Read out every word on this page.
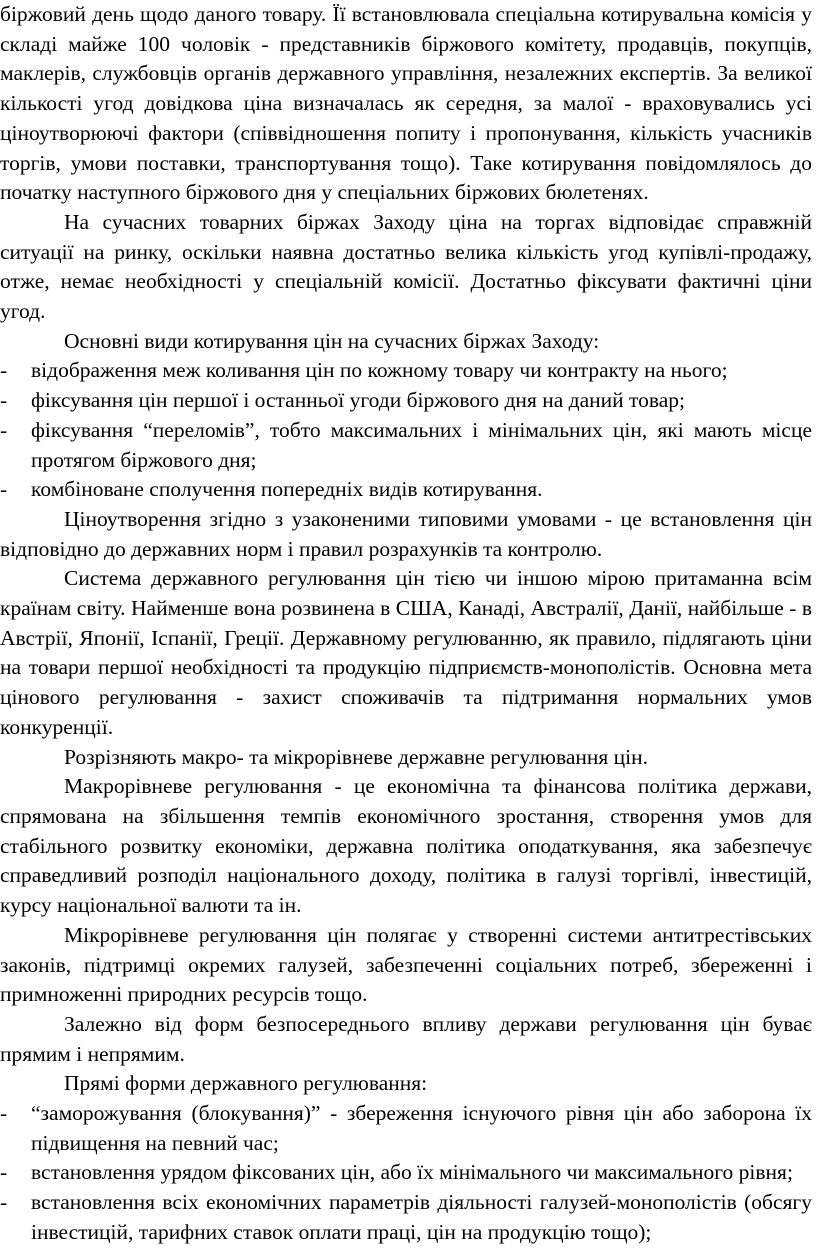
біржовий день щодо даного товару. Її встановлювала спеціальна котирувальна комісія у складі майже 100 чоловік - представників біржового комітету, продавців, покупців, маклерів, службовців органів державного управління, незалежних експертів. За великої кількості угод довідкова ціна визначалась як середня, за малої - враховувались усі ціноутворюючі фактори (співвідношення попиту і пропонування, кількість учасників торгів, умови поставки, транспортування тощо). Таке котирування повідомлялось до початку наступного біржового дня у спеціальних біржових бюлетенях.

На сучасних товарних біржах Заходу ціна на торгах відповідає справжній ситуації на ринку, оскільки наявна достатньо велика кількість угод купівлі-продажу, отже, немає необхідності у спеціальній комісії. Достатньо фіксувати фактичні ціни угод.

Основні види котирування цін на сучасних біржах Заходу:

- відображення меж коливання цін по кожному товару чи контракту на нього;

- фіксування цін першої і останньої угоди біржового дня на даний товар;

- фіксування “переломів”, тобто максимальних і мінімальних цін, які мають місце протягом біржового дня;

- комбіноване сполучення попередніх видів котирування.

Ціноутворення згідно з узаконеними типовими умовами - це встановлення цін відповідно до державних норм і правил розрахунків та контролю.

Система державного регулювання цін тією чи іншою мірою притаманна всім країнам світу. Найменше вона розвинена в США, Канаді, Австралії, Данії, найбільше - в Австрії, Японії, Іспанії, Греції. Державному регулюванню, як правило, підлягають ціни на товари першої необхідності та продукцію підприємств-монополістів. Основна мета цінового регулювання - захист споживачів та підтримання нормальних умов конкуренції.

Розрізняють макро- та мікрорівневе державне регулювання цін.

Макрорівневе регулювання - це економічна та фінансова політика держави, спрямована на збільшення темпів економічного зростання, створення умов для стабільного розвитку економіки, державна політика оподаткування, яка забезпечує справедливий розподіл національного доходу, політика в галузі торгівлі, інвестицій, курсу національної валюти та ін.

Мікрорівневе регулювання цін полягає у створенні системи антитрестівських законів, підтримці окремих галузей, забезпеченні соціальних потреб, збереженні і примноженні природних ресурсів тощо.

Залежно від форм безпосереднього впливу держави регулювання цін буває прямим і непрямим.

Прямі форми державного регулювання:

- “заморожування (блокування)” - збереження існуючого рівня цін або заборона їх підвищення на певний час;

- встановлення урядом фіксованих цін, або їх мінімального чи максимального рівня;

- встановлення всіх економічних параметрів діяльності галузей-монополістів (обсягу інвестицій, тарифних ставок оплати праці, цін на продукцію тощо);
